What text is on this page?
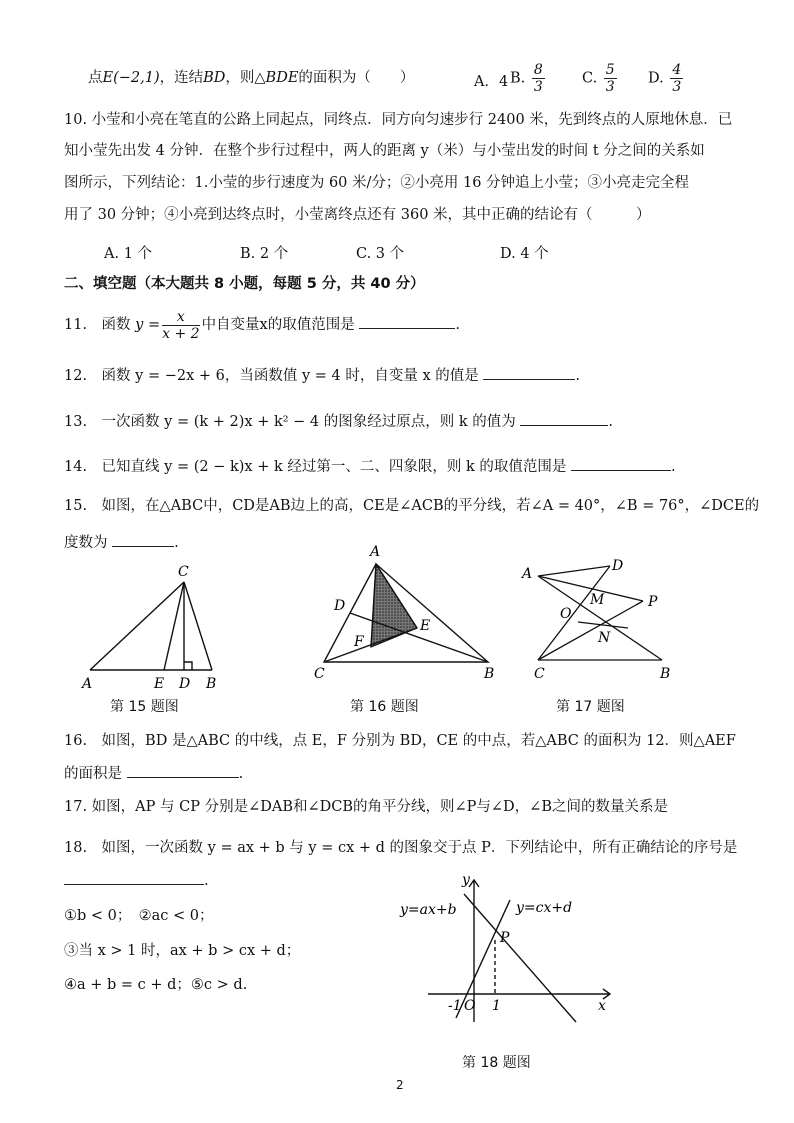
点E(−2,1)，连结BD，则△BDE的面积为（　　）	A．4 B. $\frac{8}{3}$	C. $\frac{5}{3} D$. $\frac{4}{3}$
10. 小莹和小亮在笔直的公路上同起点，同终点．同方向匀速步行 2400 米，先到终点的人原地休息．已
知小莹先出发 4 分钟．在整个步行过程中，两人的距离 y（米）与小莹出发的时间 t 分之间的关系如
图所示，下列结论：1.小莹的步行速度为 60 米/分；②小亮用 16 分钟追上小莹；③小亮走完全程
用了 30 分钟；④小亮到达终点时，小莹离终点还有 360 米，其中正确的结论有（　　　）
A. 1 个	B. 2 个	C. 3 个	D. 4 个
二、填空题（本大题共 8 小题，每题 5 分，共 40 分）
11.　函数 $y = \frac{x}{x + 2}$ 中自变量x的取值范围是	.
12.　函数 y = −2x + 6，当函数值 y = 4 时，自变量 x 的值是	.
13.　一次函数 y = (k + 2)x + k² − 4 的图象经过原点，则 k 的值为	.
14.　已知直线 y = (2 − k)x + k 经过第一、二、四象限，则 k 的取值范围是	.
15.　如图，在△ABC中，CD是AB边上的高，CE是∠ACB的平分线，若∠A = 40°，∠B = 76°，∠DCE的
度数为	.
C
A	E D B
第 15 题图
A
D
E
F
C	B
第 16 题图
A	D
M	P
O
N
C	B
第 17 题图
16.　如图，BD 是△ABC 的中线，点 E，F 分别为 BD，CE 的中点，若△ABC 的面积为 12．则△AEF
的面积是	.
17. 如图，AP 与 CP 分别是∠DAB和∠DCB的角平分线，则∠P与∠D，∠B之间的数量关系是
18.　如图，一次函数 y = ax + b 与 y = cx + d 的图象交于点 P．下列结论中，所有正确结论的序号是
.
①b < 0；　②ac < 0；
③当 x > 1 时，ax + b > cx + d；
④a + b = c + d；⑤c > d.
y
y=ax+b	y=cx+d
P
-1 O 1	x
第 18 题图
2
